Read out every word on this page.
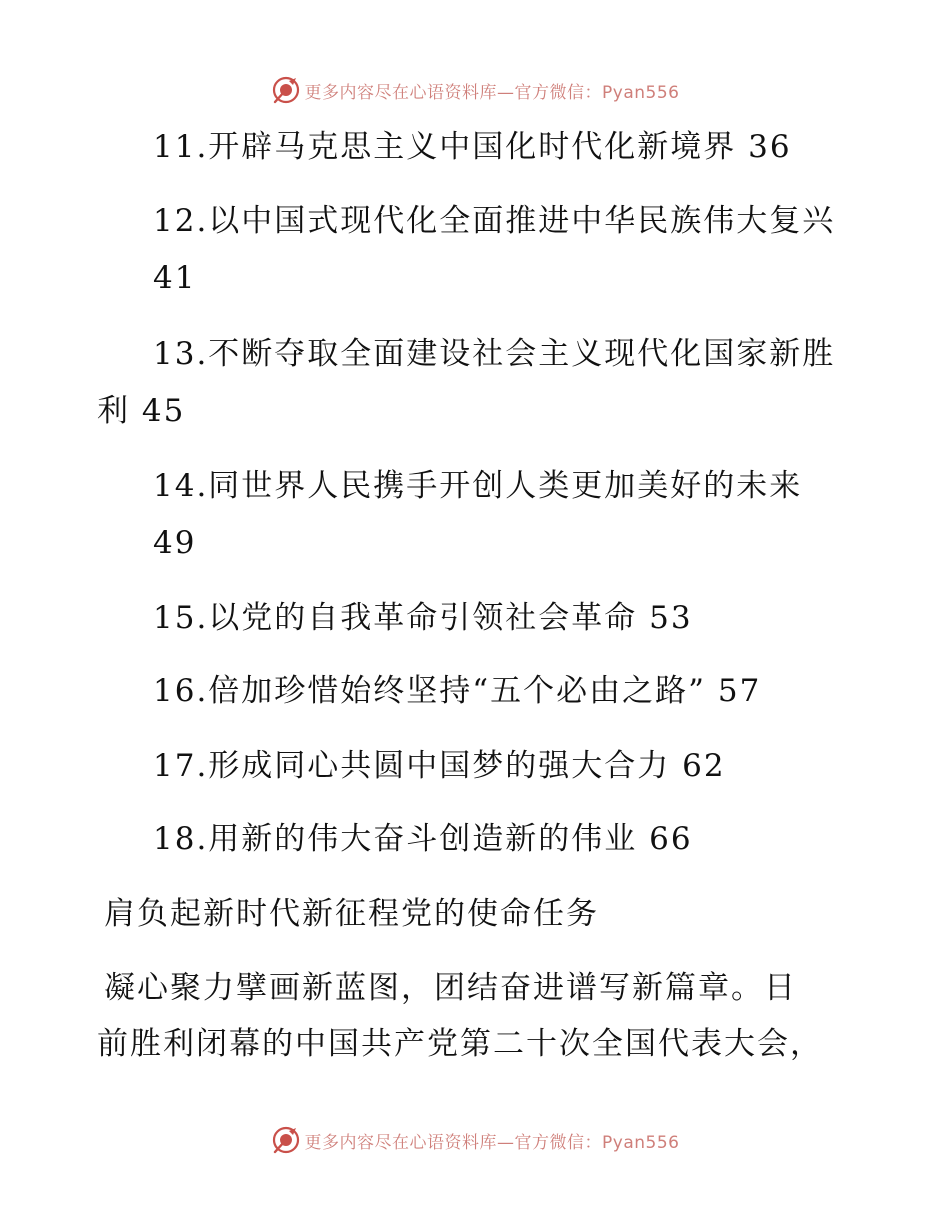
更多内容尽在心语资料库—官方微信：Pyan556
11.开辟马克思主义中国化时代化新境界 36
12.以中国式现代化全面推进中华民族伟大复兴
41
13.不断夺取全面建设社会主义现代化国家新胜
利 45
14.同世界人民携手开创人类更加美好的未来
49
15.以党的自我革命引领社会革命 53
16.倍加珍惜始终坚持“五个必由之路” 57
17.形成同心共圆中国梦的强大合力 62
18.用新的伟大奋斗创造新的伟业 66
肩负起新时代新征程党的使命任务
凝心聚力擘画新蓝图，团结奋进谱写新篇章。日
前胜利闭幕的中国共产党第二十次全国代表大会，
更多内容尽在心语资料库—官方微信：Pyan556
